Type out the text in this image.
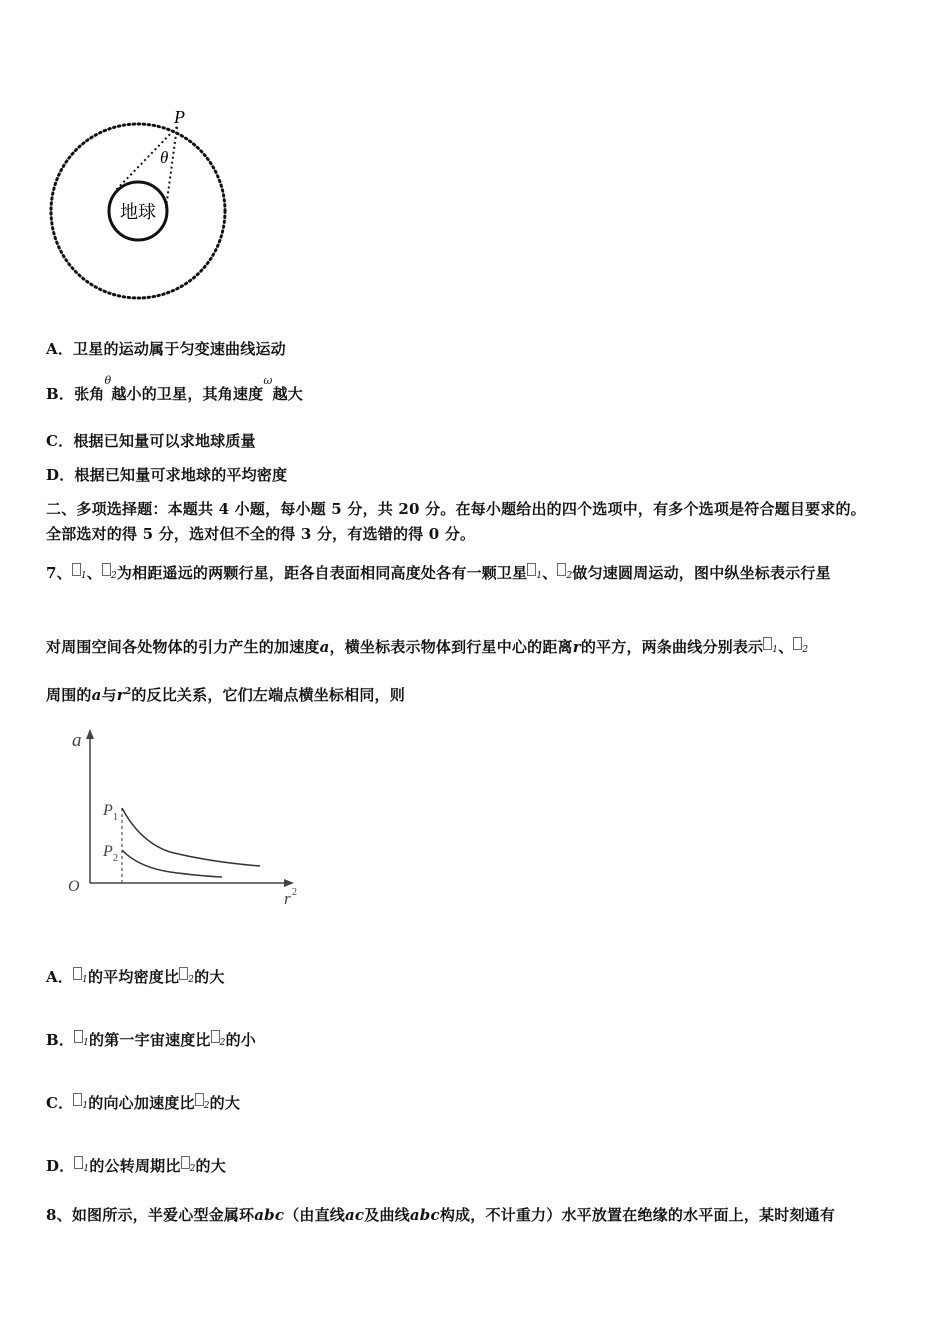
P
θ
地球
A．卫星的运动属于匀变速曲线运动
B．张角$^\theta$越小的卫星，其角速度$^\omega$越大
C．根据已知量可以求地球质量
D．根据已知量可求地球的平均密度
二、多项选择题：本题共 4 小题，每小题 5 分，共 20 分。在每小题给出的四个选项中，有多个选项是符合题目要求的。
全部选对的得 5 分，选对但不全的得 3 分，有选错的得 0 分。
7、 1、 2为相距遥远的两颗行星，距各自表面相同高度处各有一颗卫星 1、 2做匀速圆周运动，图中纵坐标表示行星
对周围空间各处物体的引力产生的加速度a，横坐标表示物体到行星中心的距离r的平方，两条曲线分别表示 1、 2
周围的a与$r^2$的反比关系，它们左端点横坐标相同，则
a
O
P 1
P 2
r 2
A． 1的平均密度比 2的大
B． 1的第一宇宙速度比 2的小
C． 1的向心加速度比 2的大
D． 1的公转周期比 2的大
8、如图所示，半爱心型金属环abc（由直线ac及曲线abc构成，不计重力）水平放置在绝缘的水平面上，某时刻通有
